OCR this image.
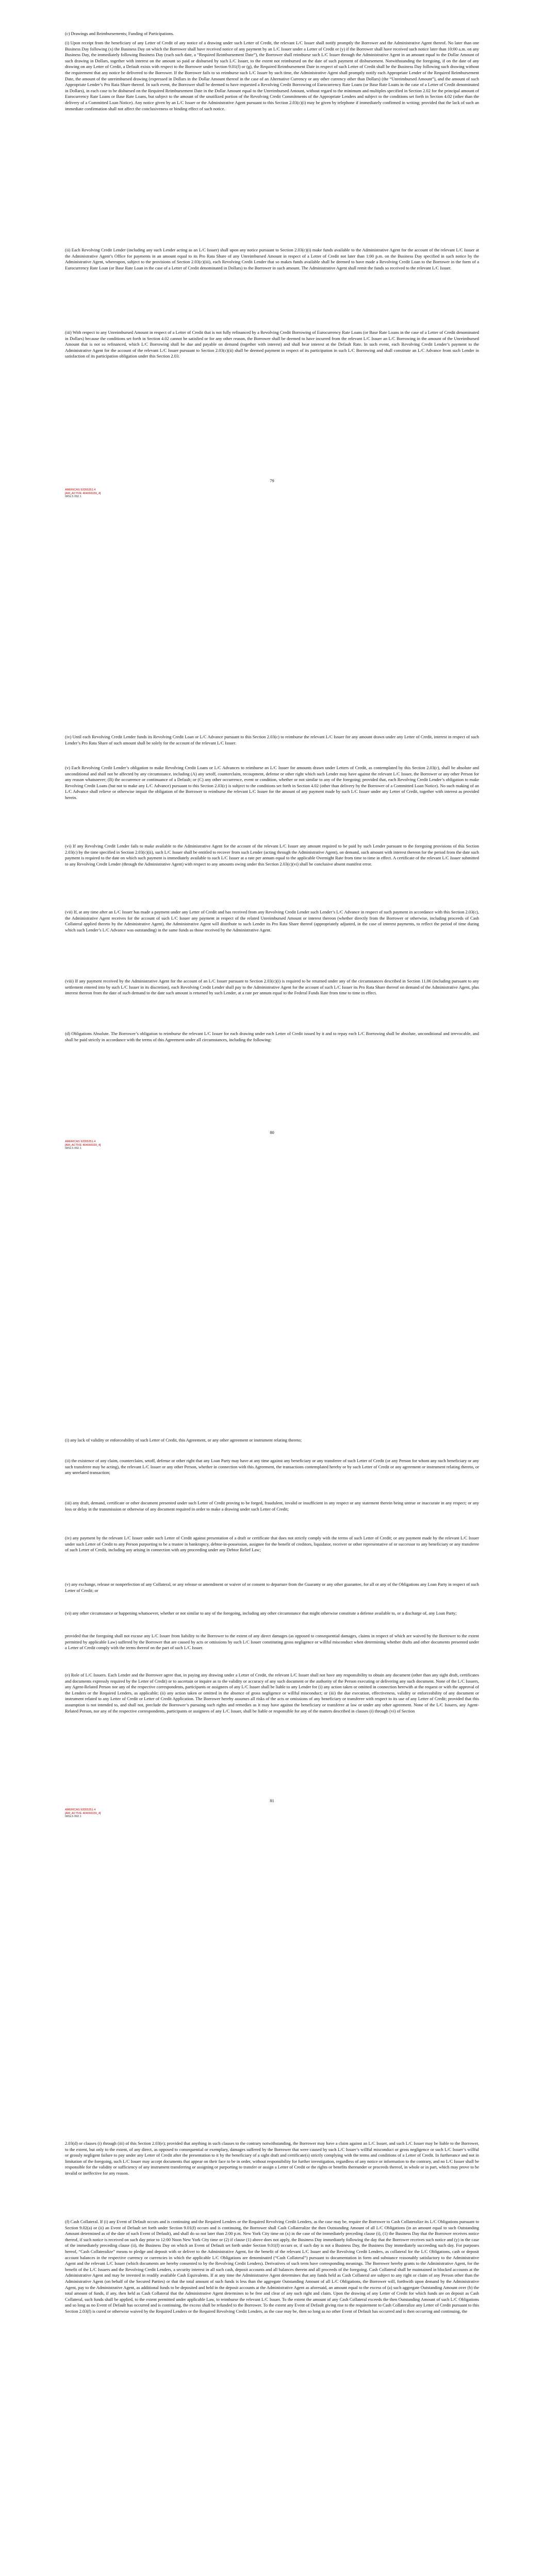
(c) Drawings and Reimbursements; Funding of Participations.

(i) Upon receipt from the beneficiary of any Letter of Credit of any notice of a drawing under such Letter of Credit, the relevant L/C Issuer shall notify promptly the Borrower and the Administrative Agent thereof. No later than one Business Day following (x) the Business Day on which the Borrower shall have received notice of any payment by an L/C Issuer under a Letter of Credit or (y) if the Borrower shall have received such notice later than 10:00 a.m. on any Business Day, the immediately following Business Day (each such date, a “Required Reimbursement Date”), the Borrower shall reimburse such L/C Issuer through the Administrative Agent in an amount equal to the Dollar Amount of such drawing in Dollars, together with interest on the amount so paid or disbursed by such L/C Issuer, to the extent not reimbursed on the date of such payment of disbursement. Notwithstanding the foregoing, if on the date of any drawing on any Letter of Credit, a Default exists with respect to the Borrower under Section 9.01(f) or (g), the Required Reimbursement Date in respect of such Letter of Credit shall be the Business Day following such drawing without the requirement that any notice be delivered to the Borrower. If the Borrower fails to so reimburse such L/C Issuer by such time, the Administrative Agent shall promptly notify each Appropriate Lender of the Required Reimbursement Date, the amount of the unreimbursed drawing (expressed in Dollars in the Dollar Amount thereof in the case of an Alternative Currency or any other currency other than Dollars) (the “Unreimbursed Amount”), and the amount of such Appropriate Lender’s Pro Rata Share thereof. In such event, the Borrower shall be deemed to have requested a Revolving Credit Borrowing of Eurocurrency Rate Loans (or Base Rate Loans in the case of a Letter of Credit denominated in Dollars), in each case to be disbursed on the Required Reimbursement Date in the Dollar Amount equal to the Unreimbursed Amount, without regard to the minimum and multiples specified in Section 2.02 for the principal amount of Eurocurrency Rate Loans or Base Rate Loans, but subject to the amount of the unutilized portion of the Revolving Credit Commitments of the Appropriate Lenders and subject to the conditions set forth in Section 4.02 (other than the delivery of a Committed Loan Notice). Any notice given by an L/C Issuer or the Administrative Agent pursuant to this Section 2.03(c)(i) may be given by telephone if immediately confirmed in writing; provided that the lack of such an immediate confirmation shall not affect the conclusiveness or binding effect of such notice.

(ii) Each Revolving Credit Lender (including any such Lender acting as an L/C Issuer) shall upon any notice pursuant to Section 2.03(c)(i) make funds available to the Administrative Agent for the account of the relevant L/C Issuer at the Administrative Agent’s Office for payments in an amount equal to its Pro Rata Share of any Unreimbursed Amount in respect of a Letter of Credit not later than 1:00 p.m. on the Business Day specified in such notice by the Administrative Agent, whereupon, subject to the provisions of Section 2.03(c)(iii), each Revolving Credit Lender that so makes funds available shall be deemed to have made a Revolving Credit Loan to the Borrower in the form of a Eurocurrency Rate Loan (or Base Rate Loan in the case of a Letter of Credit denominated in Dollars) to the Borrower in such amount. The Administrative Agent shall remit the funds so received to the relevant L/C Issuer.

(iii) With respect to any Unreimbursed Amount in respect of a Letter of Credit that is not fully refinanced by a Revolving Credit Borrowing of Eurocurrency Rate Loans (or Base Rate Loans in the case of a Letter of Credit denominated in Dollars) because the conditions set forth in Section 4.02 cannot be satisfied or for any other reason, the Borrower shall be deemed to have incurred from the relevant L/C Issuer an L/C Borrowing in the amount of the Unreimbursed Amount that is not so refinanced, which L/C Borrowing shall be due and payable on demand (together with interest) and shall bear interest at the Default Rate. In such event, each Revolving Credit Lender’s payment to the Administrative Agent for the account of the relevant L/C Issuer pursuant to Section 2.03(c)(ii) shall be deemed payment in respect of its participation in such L/C Borrowing and shall constitute an L/C Advance from such Lender in satisfaction of its participation obligation under this Section 2.03.

79
AMERICAS 92055351.4
[AM_ACTIVE 404066039_4]
IMSLS 092.1

(iv) Until each Revolving Credit Lender funds its Revolving Credit Loan or L/C Advance pursuant to this Section 2.03(c) to reimburse the relevant L/C Issuer for any amount drawn under any Letter of Credit, interest in respect of such Lender’s Pro Rata Share of such amount shall be solely for the account of the relevant L/C Issuer.

(v) Each Revolving Credit Lender’s obligation to make Revolving Credit Loans or L/C Advances to reimburse an L/C Issuer for amounts drawn under Letters of Credit, as contemplated by this Section 2.03(c), shall be absolute and unconditional and shall not be affected by any circumstance, including (A) any setoff, counterclaim, recoupment, defense or other right which such Lender may have against the relevant L/C Issuer, the Borrower or any other Person for any reason whatsoever; (B) the occurrence or continuance of a Default; or (C) any other occurrence, event or condition, whether or not similar to any of the foregoing; provided that, each Revolving Credit Lender’s obligation to make Revolving Credit Loans (but not to make any L/C Advance) pursuant to this Section 2.03(c) is subject to the conditions set forth in Section 4.02 (other than delivery by the Borrower of a Committed Loan Notice). No such making of an L/C Advance shall relieve or otherwise impair the obligation of the Borrower to reimburse the relevant L/C Issuer for the amount of any payment made by such L/C Issuer under any Letter of Credit, together with interest as provided herein.

(vi) If any Revolving Credit Lender fails to make available to the Administrative Agent for the account of the relevant L/C Issuer any amount required to be paid by such Lender pursuant to the foregoing provisions of this Section 2.03(c) by the time specified in Section 2.03(c)(ii), such L/C Issuer shall be entitled to recover from such Lender (acting through the Administrative Agent), on demand, such amount with interest thereon for the period from the date such payment is required to the date on which such payment is immediately available to such L/C Issuer at a rate per annum equal to the applicable Overnight Rate from time to time in effect. A certificate of the relevant L/C Issuer submitted to any Revolving Credit Lender (through the Administrative Agent) with respect to any amounts owing under this Section 2.03(c)(vi) shall be conclusive absent manifest error.

(vii) If, at any time after an L/C Issuer has made a payment under any Letter of Credit and has received from any Revolving Credit Lender such Lender’s L/C Advance in respect of such payment in accordance with this Section 2.03(c), the Administrative Agent receives for the account of such L/C Issuer any payment in respect of the related Unreimbursed Amount or interest thereon (whether directly from the Borrower or otherwise, including proceeds of Cash Collateral applied thereto by the Administrative Agent), the Administrative Agent will distribute to such Lender its Pro Rata Share thereof (appropriately adjusted, in the case of interest payments, to reflect the period of time during which such Lender’s L/C Advance was outstanding) in the same funds as those received by the Administrative Agent.

(viii) If any payment received by the Administrative Agent for the account of an L/C Issuer pursuant to Section 2.03(c)(i) is required to be returned under any of the circumstances described in Section 11.06 (including pursuant to any settlement entered into by such L/C Issuer in its discretion), each Revolving Credit Lender shall pay to the Administrative Agent for the account of such L/C Issuer its Pro Rata Share thereof on demand of the Administrative Agent, plus interest thereon from the date of such demand to the date such amount is returned by such Lender, at a rate per annum equal to the Federal Funds Rate from time to time in effect.

(d) Obligations Absolute. The Borrower’s obligation to reimburse the relevant L/C Issuer for each drawing under each Letter of Credit issued by it and to repay each L/C Borrowing shall be absolute, unconditional and irrevocable, and shall be paid strictly in accordance with the terms of this Agreement under all circumstances, including the following:

80
AMERICAS 92055351.4
[AM_ACTIVE 404066039_4]
IMSLS 092.1

(i) any lack of validity or enforceability of such Letter of Credit, this Agreement, or any other agreement or instrument relating thereto;

(ii) the existence of any claim, counterclaim, setoff, defense or other right that any Loan Party may have at any time against any beneficiary or any transferee of such Letter of Credit (or any Person for whom any such beneficiary or any such transferee may be acting), the relevant L/C Issuer or any other Person, whether in connection with this Agreement, the transactions contemplated hereby or by such Letter of Credit or any agreement or instrument relating thereto, or any unrelated transaction;

(iii) any draft, demand, certificate or other document presented under such Letter of Credit proving to be forged, fraudulent, invalid or insufficient in any respect or any statement therein being untrue or inaccurate in any respect; or any loss or delay in the transmission or otherwise of any document required in order to make a drawing under such Letter of Credit;

(iv) any payment by the relevant L/C Issuer under such Letter of Credit against presentation of a draft or certificate that does not strictly comply with the terms of such Letter of Credit; or any payment made by the relevant L/C Issuer under such Letter of Credit to any Person purporting to be a trustee in bankruptcy, debtor-in-possession, assignee for the benefit of creditors, liquidator, receiver or other representative of or successor to any beneficiary or any transferee of such Letter of Credit, including any arising in connection with any proceeding under any Debtor Relief Law;

(v) any exchange, release or nonperfection of any Collateral, or any release or amendment or waiver of or consent to departure from the Guaranty or any other guarantee, for all or any of the Obligations any Loan Party in respect of such Letter of Credit; or

(vi) any other circumstance or happening whatsoever, whether or not similar to any of the foregoing, including any other circumstance that might otherwise constitute a defense available to, or a discharge of, any Loan Party;

provided that the foregoing shall not excuse any L/C Issuer from liability to the Borrower to the extent of any direct damages (as opposed to consequential damages, claims in respect of which are waived by the Borrower to the extent permitted by applicable Law) suffered by the Borrower that are caused by acts or omissions by such L/C Issuer constituting gross negligence or willful misconduct when determining whether drafts and other documents presented under a Letter of Credit comply with the terms thereof on the part of such L/C Issuer.

(e) Role of L/C Issuers. Each Lender and the Borrower agree that, in paying any drawing under a Letter of Credit, the relevant L/C Issuer shall not have any responsibility to obtain any document (other than any sight draft, certificates and documents expressly required by the Letter of Credit) or to ascertain or inquire as to the validity or accuracy of any such document or the authority of the Person executing or delivering any such document. None of the L/C Issuers, any Agent-Related Person nor any of the respective correspondents, participants or assignees of any L/C Issuer shall be liable to any Lender for (i) any action taken or omitted in connection herewith at the request or with the approval of the Lenders or the Required Lenders, as applicable; (ii) any action taken or omitted in the absence of gross negligence or willful misconduct; or (iii) the due execution, effectiveness, validity or enforceability of any document or instrument related to any Letter of Credit or Letter of Credit Application. The Borrower hereby assumes all risks of the acts or omissions of any beneficiary or transferee with respect to its use of any Letter of Credit; provided that this assumption is not intended to, and shall not, preclude the Borrower’s pursuing such rights and remedies as it may have against the beneficiary or transferee at law or under any other agreement. None of the L/C Issuers, any Agent-Related Person, nor any of the respective correspondents, participants or assignees of any L/C Issuer, shall be liable or responsible for any of the matters described in clauses (i) through (vi) of Section

81
AMERICAS 92055351.4
[AM_ACTIVE 404066039_4]
IMSLS 092.1

2.03(d) or clauses (i) through (iii) of this Section 2.03(e); provided that anything in such clauses to the contrary notwithstanding, the Borrower may have a claim against an L/C Issuer, and such L/C Issuer may be liable to the Borrower, to the extent, but only to the extent, of any direct, as opposed to consequential or exemplary, damages suffered by the Borrower that were caused by such L/C Issuer’s willful misconduct or gross negligence or such L/C Issuer’s willful or grossly negligent failure to pay under any Letter of Credit after the presentation to it by the beneficiary of a sight draft and certificate(s) strictly complying with the terms and conditions of a Letter of Credit. In furtherance and not in limitation of the foregoing, such L/C Issuer may accept documents that appear on their face to be in order, without responsibility for further investigation, regardless of any notice or information to the contrary, and no L/C Issuer shall be responsible for the validity or sufficiency of any instrument transferring or assigning or purporting to transfer or assign a Letter of Credit or the rights or benefits thereunder or proceeds thereof, in whole or in part, which may prove to be invalid or ineffective for any reason.

(f) Cash Collateral. If (i) any Event of Default occurs and is continuing and the Required Lenders or the Required Revolving Credit Lenders, as the case may be, require the Borrower to Cash Collateralize its L/C Obligations pursuant to Section 9.02(a) or (ii) an Event of Default set forth under Section 9.01(f) occurs and is continuing, the Borrower shall Cash Collateralize the then Outstanding Amount of all L/C Obligations (in an amount equal to such Outstanding Amount determined as of the date of such Event of Default), and shall do so not later than 2:00 p.m. New York City time on (x) in the case of the immediately preceding clause (i), (1) the Business Day that the Borrower receives notice thereof, if such notice is received on such day prior to 12:00 Noon New York City time or (2) if clause (1) above does not apply, the Business Day immediately following the day that the Borrower receives such notice and (y) in the case of the immediately preceding clause (ii), the Business Day on which an Event of Default set forth under Section 9.01(f) occurs or, if such day is not a Business Day, the Business Day immediately succeeding such day. For purposes hereof, “Cash Collateralize” means to pledge and deposit with or deliver to the Administrative Agent, for the benefit of the relevant L/C Issuer and the Revolving Credit Lenders, as collateral for the L/C Obligations, cash or deposit account balances in the respective currency or currencies in which the applicable L/C Obligations are denominated (“Cash Collateral”) pursuant to documentation in form and substance reasonably satisfactory to the Administrative Agent and the relevant L/C Issuer (which documents are hereby consented to by the Revolving Credit Lenders). Derivatives of such term have corresponding meanings. The Borrower hereby grants to the Administrative Agent, for the benefit of the L/C Issuers and the Revolving Credit Lenders, a security interest in all such cash, deposit accounts and all balances therein and all proceeds of the foregoing. Cash Collateral shall be maintained in blocked accounts at the Administrative Agent and may be invested in readily available Cash Equivalents. If at any time the Administrative Agent determines that any funds held as Cash Collateral are subject to any right or claim of any Person other than the Administrative Agent (on behalf of the Secured Parties) or that the total amount of such funds is less than the aggregate Outstanding Amount of all L/C Obligations, the Borrower will, forthwith upon demand by the Administrative Agent, pay to the Administrative Agent, as additional funds to be deposited and held in the deposit accounts at the Administrative Agent as aforesaid, an amount equal to the excess of (a) such aggregate Outstanding Amount over (b) the total amount of funds, if any, then held as Cash Collateral that the Administrative Agent determines to be free and clear of any such right and claim. Upon the drawing of any Letter of Credit for which funds are on deposit as Cash Collateral, such funds shall be applied, to the extent permitted under applicable Law, to reimburse the relevant L/C Issuer. To the extent the amount of any Cash Collateral exceeds the then Outstanding Amount of such L/C Obligations and so long as no Event of Default has occurred and is continuing, the excess shall be refunded to the Borrower. To the extent any Event of Default giving rise to the requirement to Cash Collateralize any Letter of Credit pursuant to this Section 2.03(f) is cured or otherwise waived by the Required Lenders or the Required Revolving Credit Lenders, as the case may be, then so long as no other Event of Default has occurred and is then occurring and continuing, the
